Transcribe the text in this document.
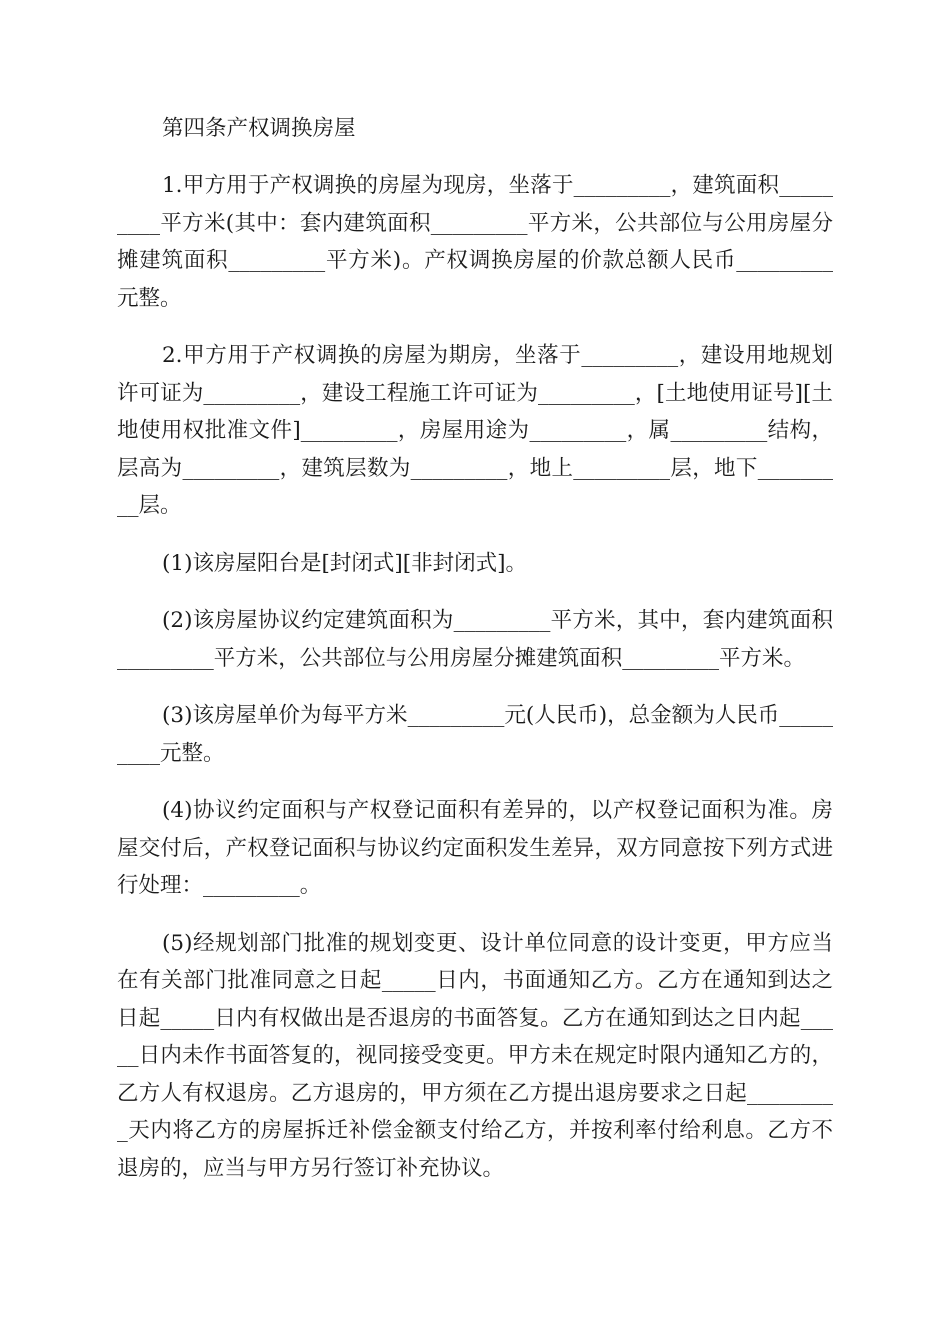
第四条产权调换房屋

1.甲方用于产权调换的房屋为现房，坐落于_________，建筑面积_________平方米(其中：套内建筑面积_________平方米，公共部位与公用房屋分摊建筑面积_________平方米)。产权调换房屋的价款总额人民币_________元整。

2.甲方用于产权调换的房屋为期房，坐落于_________，建设用地规划许可证为_________，建设工程施工许可证为_________，[土地使用证号][土地使用权批准文件]_________，房屋用途为_________，属_________结构，层高为_________，建筑层数为_________，地上_________层，地下_________层。

(1)该房屋阳台是[封闭式][非封闭式]。

(2)该房屋协议约定建筑面积为_________平方米，其中，套内建筑面积_________平方米，公共部位与公用房屋分摊建筑面积_________平方米。

(3)该房屋单价为每平方米_________元(人民币)，总金额为人民币_________元整。

(4)协议约定面积与产权登记面积有差异的，以产权登记面积为准。房屋交付后，产权登记面积与协议约定面积发生差异，双方同意按下列方式进行处理：_________。

(5)经规划部门批准的规划变更、设计单位同意的设计变更，甲方应当在有关部门批准同意之日起_____日内，书面通知乙方。乙方在通知到达之日起_____日内有权做出是否退房的书面答复。乙方在通知到达之日内起_____日内未作书面答复的，视同接受变更。甲方未在规定时限内通知乙方的，乙方人有权退房。乙方退房的，甲方须在乙方提出退房要求之日起_________天内将乙方的房屋拆迁补偿金额支付给乙方，并按利率付给利息。乙方不退房的，应当与甲方另行签订补充协议。
